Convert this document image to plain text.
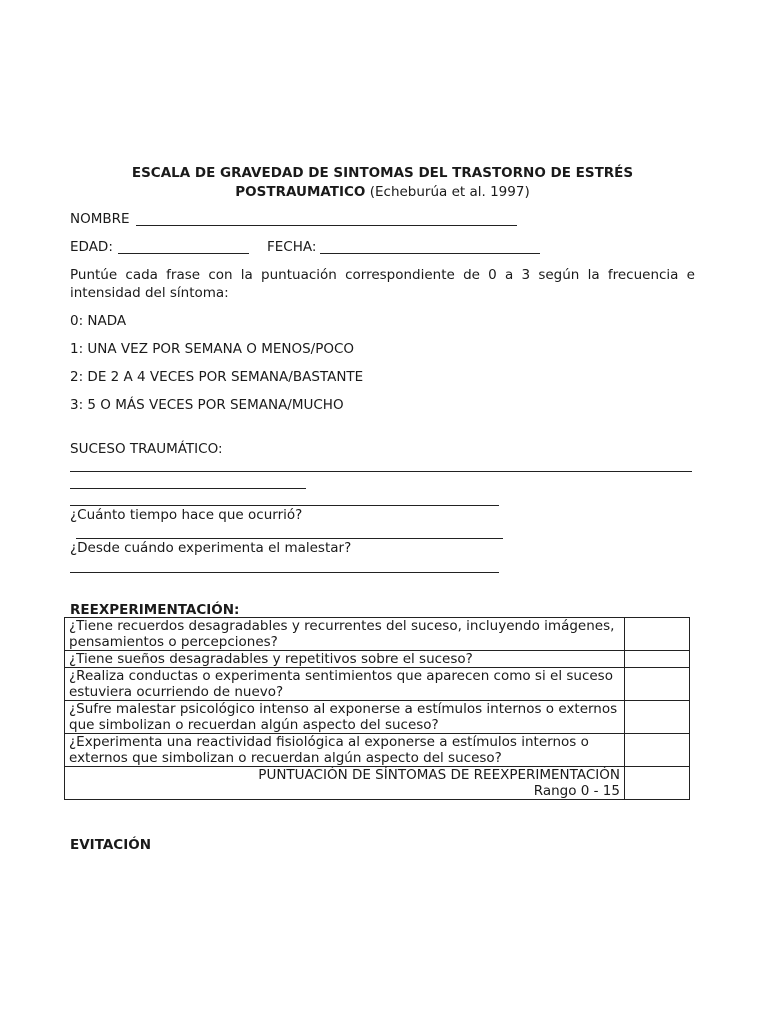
ESCALA DE GRAVEDAD DE SINTOMAS DEL TRASTORNO DE ESTRÉS
POSTRAUMATICO (Echeburúa et al. 1997)
NOMBRE
EDAD:	FECHA:
Puntúe cada frase con la puntuación correspondiente de 0 a 3 según la frecuencia e intensidad del síntoma:
0: NADA
1: UNA VEZ POR SEMANA O MENOS/POCO
2: DE 2 A 4 VECES POR SEMANA/BASTANTE
3: 5 O MÁS VECES POR SEMANA/MUCHO
SUCESO TRAUMÁTICO:
¿Cuánto tiempo hace que ocurrió?
¿Desde cuándo experimenta el malestar?
REEXPERIMENTACIÓN:
¿Tiene recuerdos desagradables y recurrentes del suceso, incluyendo imágenes, pensamientos o percepciones?	
¿Tiene sueños desagradables y repetitivos sobre el suceso?	
¿Realiza conductas o experimenta sentimientos que aparecen como si el suceso estuviera ocurriendo de nuevo?	
¿Sufre malestar psicológico intenso al exponerse a estímulos internos o externos que simbolizan o recuerdan algún aspecto del suceso?	
¿Experimenta una reactividad fisiológica al exponerse a estímulos internos o externos que simbolizan o recuerdan algún aspecto del suceso?	
PUNTUACIÓN DE SÍNTOMAS DE REEXPERIMENTACIÓN
Rango 0 - 15	
EVITACIÓN
